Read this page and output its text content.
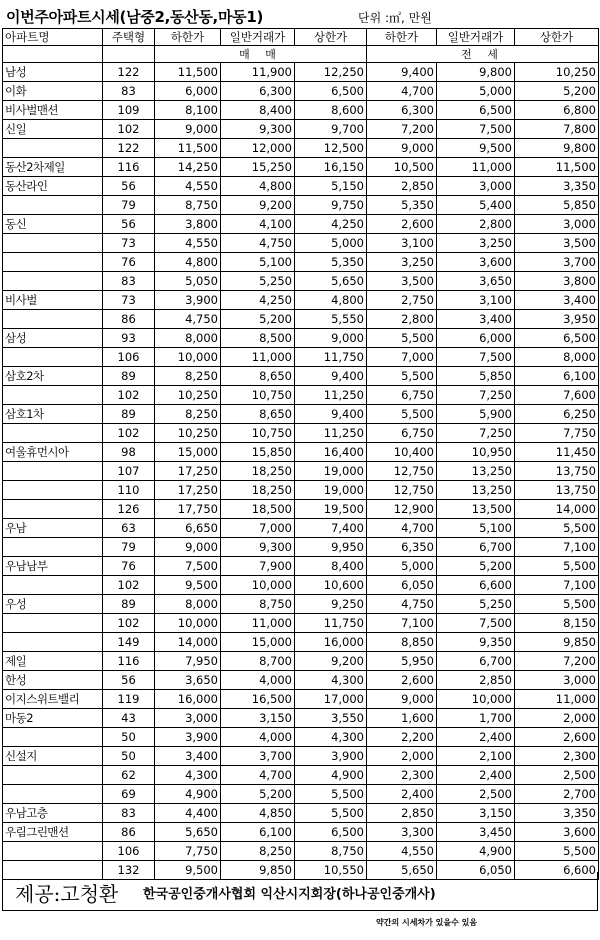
이번주아파트시세(남중2,동산동,마동1)	단위 :㎡, 만원
아파트명	주택형	하한가	일반거래가	상한가	하한가	일반거래가	상한가
		매 매			전 세		
남성	122	11,500	11,900	12,250	9,400	9,800	10,250
이화	83	6,000	6,300	6,500	4,700	5,000	5,200
비사벌맨션	109	8,100	8,400	8,600	6,300	6,500	6,800
신일	102	9,000	9,300	9,700	7,200	7,500	7,800
	122	11,500	12,000	12,500	9,000	9,500	9,800
동산2차제일	116	14,250	15,250	16,150	10,500	11,000	11,500
동산라인	56	4,550	4,800	5,150	2,850	3,000	3,350
	79	8,750	9,200	9,750	5,350	5,400	5,850
동신	56	3,800	4,100	4,250	2,600	2,800	3,000
	73	4,550	4,750	5,000	3,100	3,250	3,500
	76	4,800	5,100	5,350	3,250	3,600	3,700
	83	5,050	5,250	5,650	3,500	3,650	3,800
비사벌	73	3,900	4,250	4,800	2,750	3,100	3,400
	86	4,750	5,200	5,550	2,800	3,400	3,950
삼성	93	8,000	8,500	9,000	5,500	6,000	6,500
	106	10,000	11,000	11,750	7,000	7,500	8,000
삼호2차	89	8,250	8,650	9,400	5,500	5,850	6,100
	102	10,250	10,750	11,250	6,750	7,250	7,600
삼호1차	89	8,250	8,650	9,400	5,500	5,900	6,250
	102	10,250	10,750	11,250	6,750	7,250	7,750
여울휴먼시아	98	15,000	15,850	16,400	10,400	10,950	11,450
	107	17,250	18,250	19,000	12,750	13,250	13,750
	110	17,250	18,250	19,000	12,750	13,250	13,750
	126	17,750	18,500	19,500	12,900	13,500	14,000
우남	63	6,650	7,000	7,400	4,700	5,100	5,500
	79	9,000	9,300	9,950	6,350	6,700	7,100
우남남부	76	7,500	7,900	8,400	5,000	5,200	5,500
	102	9,500	10,000	10,600	6,050	6,600	7,100
우성	89	8,000	8,750	9,250	4,750	5,250	5,500
	102	10,000	11,000	11,750	7,100	7,500	8,150
	149	14,000	15,000	16,000	8,850	9,350	9,850
제일	116	7,950	8,700	9,200	5,950	6,700	7,200
한성	56	3,650	4,000	4,300	2,600	2,850	3,000
이지스위트밸리	119	16,000	16,500	17,000	9,000	10,000	11,000
마동2	43	3,000	3,150	3,550	1,600	1,700	2,000
	50	3,900	4,000	4,300	2,200	2,400	2,600
신설지	50	3,400	3,700	3,900	2,000	2,100	2,300
	62	4,300	4,700	4,900	2,300	2,400	2,500
	69	4,900	5,200	5,500	2,400	2,500	2,700
우남고층	83	4,400	4,850	5,500	2,850	3,150	3,350
우림그린맨션	86	5,650	6,100	6,500	3,300	3,450	3,600
	106	7,750	8,250	8,750	4,550	4,900	5,500
	132	9,500	9,850	10,550	5,650	6,050	6,600
제공:고청환 한국공인중개사협회 익산시지회장(하나공인중개사)
약간의 시세차가 있을수 있음
